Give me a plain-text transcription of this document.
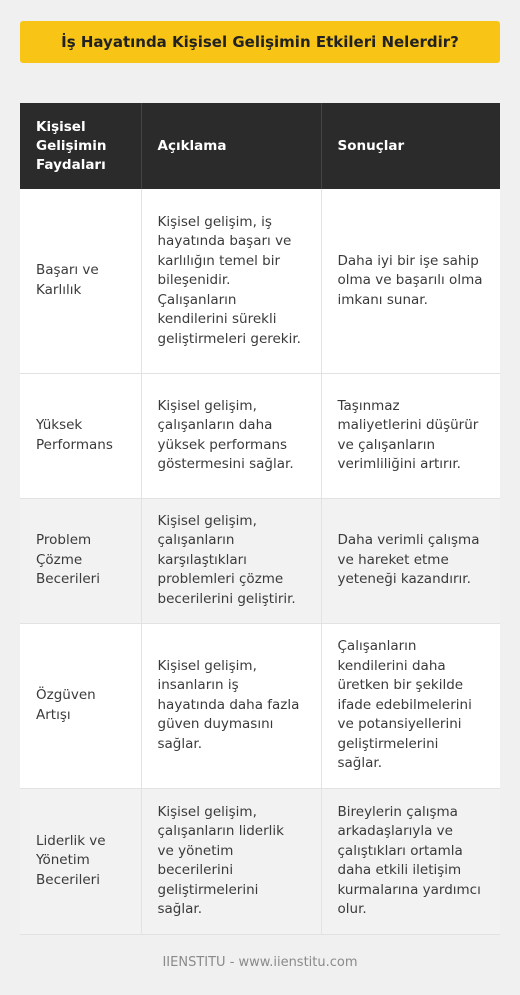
İş Hayatında Kişisel Gelişimin Etkileri Nelerdir?
Kişisel Gelişimin Faydaları	Açıklama	Sonuçlar
Başarı ve Karlılık	Kişisel gelişim, iş hayatında başarı ve karlılığın temel bir bileşenidir. Çalışanların kendilerini sürekli geliştirmeleri gerekir.	Daha iyi bir işe sahip olma ve başarılı olma imkanı sunar.
Yüksek Performans	Kişisel gelişim, çalışanların daha yüksek performans göstermesini sağlar.	Taşınmaz maliyetlerini düşürür ve çalışanların verimliliğini artırır.
Problem Çözme Becerileri	Kişisel gelişim, çalışanların karşılaştıkları problemleri çözme becerilerini geliştirir.	Daha verimli çalışma ve hareket etme yeteneği kazandırır.
Özgüven Artışı	Kişisel gelişim, insanların iş hayatında daha fazla güven duymasını sağlar.	Çalışanların kendilerini daha üretken bir şekilde ifade edebilmelerini ve potansiyellerini geliştirmelerini sağlar.
Liderlik ve Yönetim Becerileri	Kişisel gelişim, çalışanların liderlik ve yönetim becerilerini geliştirmelerini sağlar.	Bireylerin çalışma arkadaşlarıyla ve çalıştıkları ortamla daha etkili iletişim kurmalarına yardımcı olur.
IIENSTITU - www.iienstitu.com
